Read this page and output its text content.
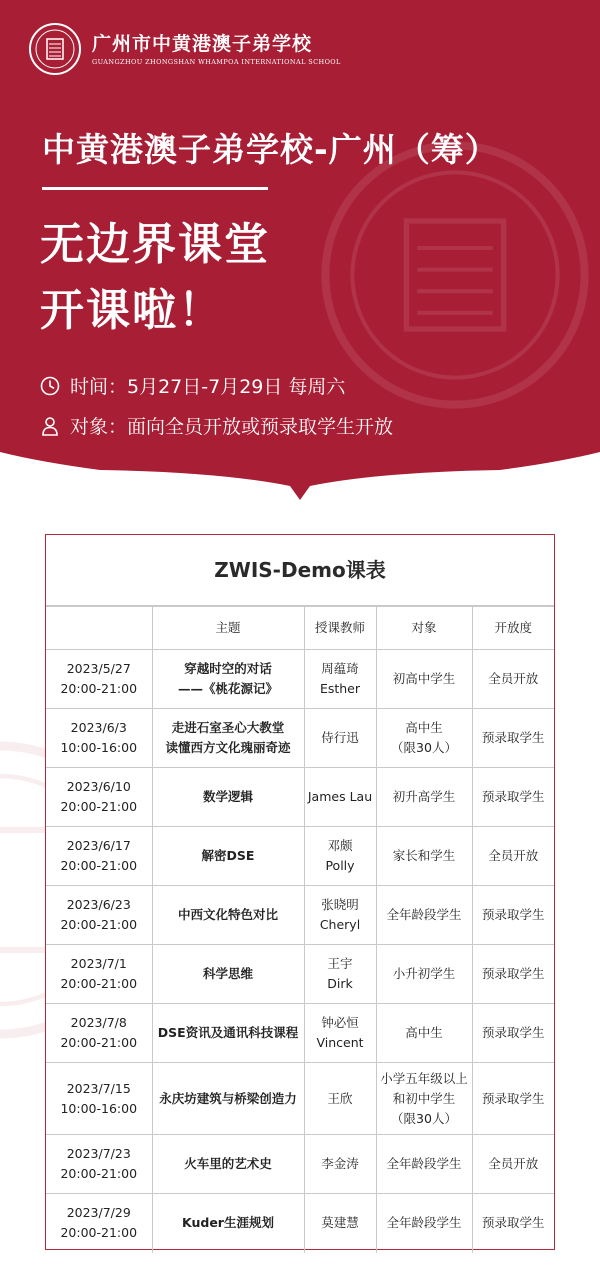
广州市中黄港澳子弟学校
GUANGZHOU ZHONGSHAN WHAMPOA INTERNATIONAL SCHOOL
中黄港澳子弟学校-广州（筹）
无边界课堂
开课啦！
时间：5月27日-7月29日 每周六
对象：面向全员开放或预录取学生开放
ZWIS-Demo课表
	主题	授课教师	对象	开放度

2023/5/27
20:00-21:00	穿越时空的对话
——《桃花源记》	周蕴琦
Esther	初高中学生	全员开放

2023/6/3
10:00-16:00	走进石室圣心大教堂
读懂西方文化瑰丽奇迹	侍行迅	高中生
（限30人）	预录取学生

2023/6/10
20:00-21:00	数学逻辑	James Lau	初升高学生	预录取学生

2023/6/17
20:00-21:00	解密DSE	邓颇
Polly	家长和学生	全员开放

2023/6/23
20:00-21:00	中西文化特色对比	张晓明
Cheryl	全年龄段学生	预录取学生

2023/7/1
20:00-21:00	科学思维	王宇
Dirk	小升初学生	预录取学生

2023/7/8
20:00-21:00	DSE资讯及通讯科技课程	钟必恒
Vincent	高中生	预录取学生

2023/7/15
10:00-16:00	永庆坊建筑与桥梁创造力	王欣	小学五年级以上
和初中学生
（限30人）	预录取学生

2023/7/23
20:00-21:00	火车里的艺术史	李金涛	全年龄段学生	全员开放

2023/7/29
20:00-21:00	Kuder生涯规划	莫建慧	全年龄段学生	预录取学生
